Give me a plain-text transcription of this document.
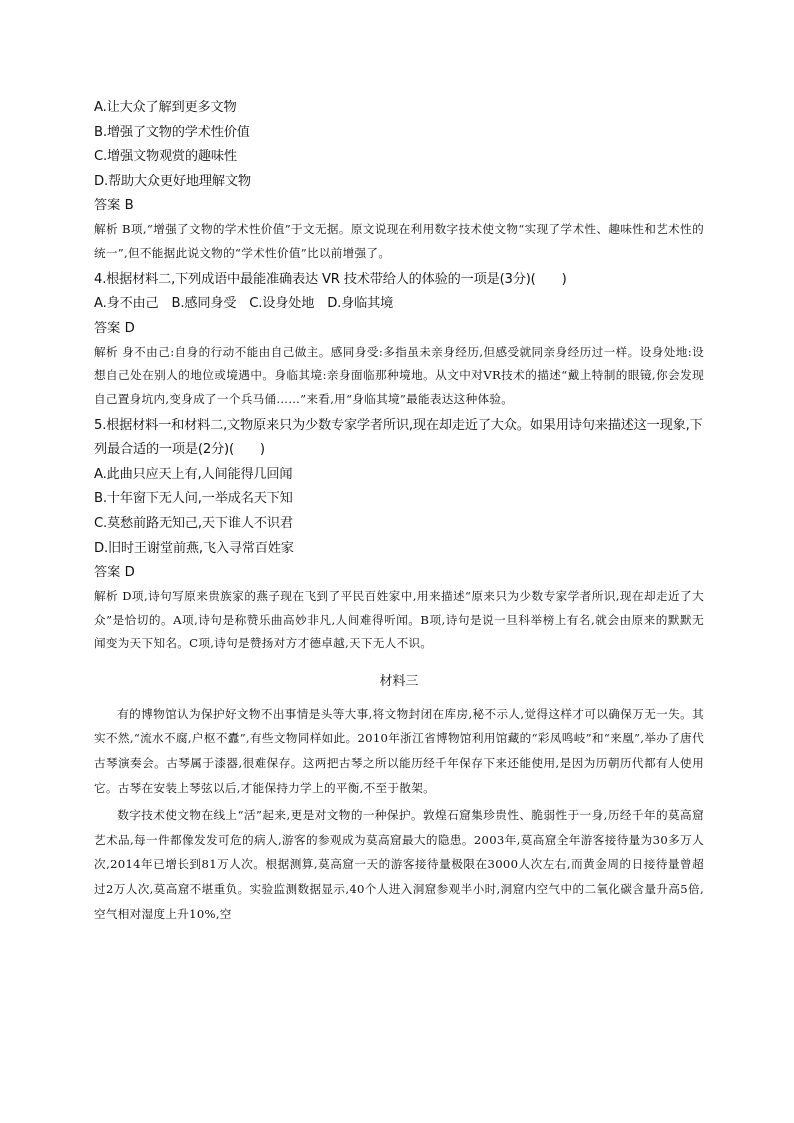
A.让大众了解到更多文物
B.增强了文物的学术性价值
C.增强文物观赏的趣味性
D.帮助大众更好地理解文物
答案 B

解析 B项,“增强了文物的学术性价值”于文无据。原文说现在利用数字技术使文物“实现了学术性、趣味性和艺术性的统一”,但不能据此说文物的“学术性价值”比以前增强了。

4.根据材料二,下列成语中最能准确表达 VR 技术带给人的体验的一项是(3分)(　　)
A.身不由己　B.感同身受　C.设身处地　D.身临其境
答案 D

解析 身不由己:自身的行动不能由自己做主。感同身受:多指虽未亲身经历,但感受就同亲身经历过一样。设身处地:设想自己处在别人的地位或境遇中。身临其境:亲身面临那种境地。从文中对VR技术的描述“戴上特制的眼镜,你会发现自己置身坑内,变身成了一个兵马俑……”来看,用“身临其境”最能表达这种体验。

5.根据材料一和材料二,文物原来只为少数专家学者所识,现在却走近了大众。如果用诗句来描述这一现象,下列最合适的一项是(2分)(　　)
A.此曲只应天上有,人间能得几回闻
B.十年窗下无人问,一举成名天下知
C.莫愁前路无知己,天下谁人不识君
D.旧时王谢堂前燕,飞入寻常百姓家
答案 D

解析 D项,诗句写原来贵族家的燕子现在飞到了平民百姓家中,用来描述“原来只为少数专家学者所识,现在却走近了大众”是恰切的。A项,诗句是称赞乐曲高妙非凡,人间难得听闻。B项,诗句是说一旦科举榜上有名,就会由原来的默默无闻变为天下知名。C项,诗句是赞扬对方才德卓越,天下无人不识。

材料三

有的博物馆认为保护好文物不出事情是头等大事,将文物封闭在库房,秘不示人,觉得这样才可以确保万无一失。其实不然,“流水不腐,户枢不蠹”,有些文物同样如此。2010年浙江省博物馆利用馆藏的“彩凤鸣岐”和“来凰”,举办了唐代古琴演奏会。古琴属于漆器,很难保存。这两把古琴之所以能历经千年保存下来还能使用,是因为历朝历代都有人使用它。古琴在安装上琴弦以后,才能保持力学上的平衡,不至于散架。

数字技术使文物在线上“活”起来,更是对文物的一种保护。敦煌石窟集珍贵性、脆弱性于一身,历经千年的莫高窟艺术品,每一件都像发发可危的病人,游客的参观成为莫高窟最大的隐患。2003年,莫高窟全年游客接待量为30多万人次,2014年已增长到81万人次。根据测算,莫高窟一天的游客接待量极限在3000人次左右,而黄金周的日接待量曾超过2万人次,莫高窟不堪重负。实验监测数据显示,40个人进入洞窟参观半小时,洞窟内空气中的二氧化碳含量升高5倍,空气相对湿度上升10%,空
